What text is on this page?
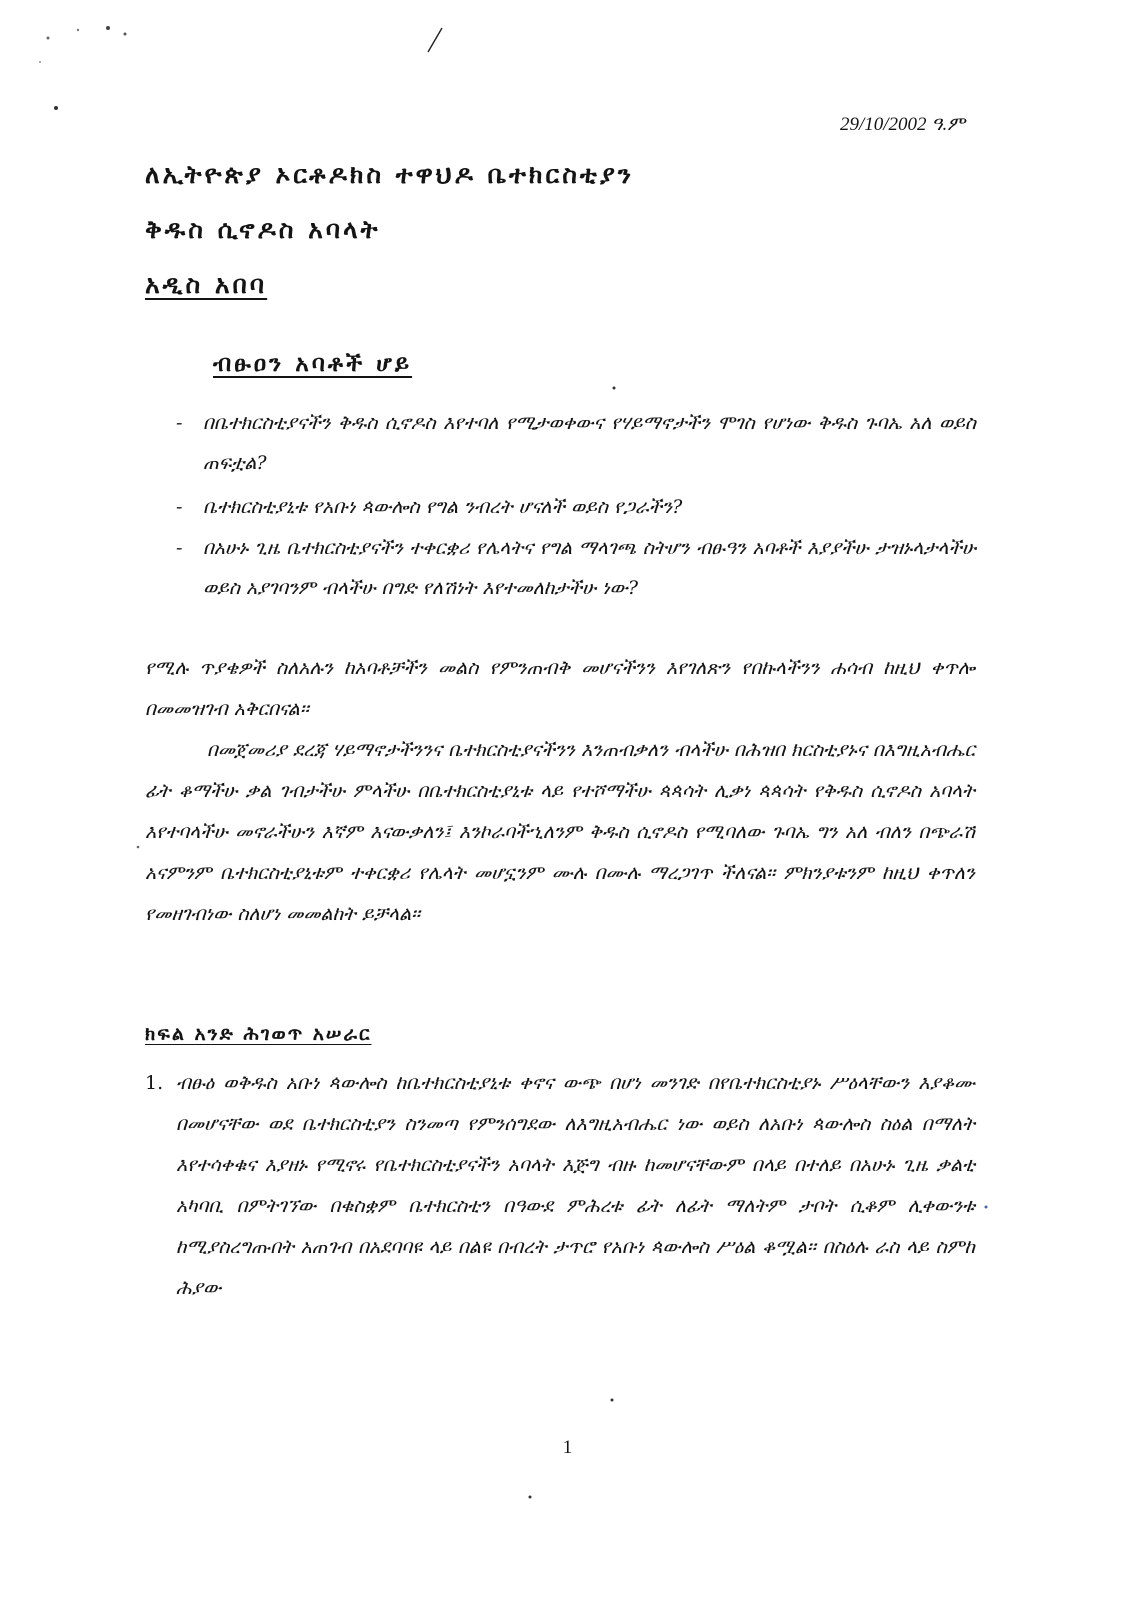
29/10/2002 ዓ.ም
ለኢትዮጵያ ኦርቶዶክስ ተዋህዶ ቤተክርስቲያን
ቅዱስ ሲኖዶስ አባላት
አዲስ አበባ
ብፁዐን አባቶች ሆይ
- በቤተክርስቲያናችን ቅዱስ ሲኖዶስ እየተባለ የሚታወቀውና የሃይማኖታችን ሞገስ የሆነው ቅዱስ ጉባኤ አለ ወይስ ጠፍቷል?
- ቤተክርስቲያኒቱ የአቡነ ጳውሎስ የግል ንብረት ሆናለች ወይስ የጋራችን?
- በአሁኑ ጊዜ ቤተክርስቲያናችን ተቀርቋሪ የሌላትና የግል ማላገጫ ስትሆን ብፁዓን አባቶች እያያችሁ ታዝኑላታላችሁ ወይስ አያገባንም ብላችሁ በግድ የለሽነት እየተመለከታችሁ ነው?
የሚሉ ጥያቄዎች ስለአሉን ከአባቶቻችን መልስ የምንጠብቅ መሆናችንን እየገለጽን የበኩላችንን ሐሳብ ከዚህ ቀጥሎ በመመዝገብ አቅርበናል፡፡
በመጀመሪያ ደረጃ ሃይማኖታችንንና ቤተክርስቲያናችንን እንጠብቃለን ብላችሁ በሕዝበ ክርስቲያኑና በእግዚአብሔር ፊት ቆማችሁ ቃል ገብታችሁ ምላችሁ በቤተክርስቲያኒቱ ላይ የተሾማችሁ ጳጳሳት ሊቃነ ጳጳሳት የቅዱስ ሲኖዶስ አባላት እየተባላችሁ መኖራችሁን እኛም እናውቃለን፤ እንኮራባችኂለንም ቅዱስ ሲኖዶስ የሚባለው ጉባኤ ግን አለ ብለን በጭራሽ አናምንም ቤተክርስቲያኒቱም ተቀርቋሪ የሌላት መሆኗንም ሙሉ በሙሉ ማረጋገጥ ችለናል፡፡ ምክንያቱንም ከዚህ ቀጥለን የመዘገብነው ስለሆነ መመልከት ይቻላል፡፡
ክፍል አንድ ሕገወጥ አሠራር
1. ብፁዕ ወቅዱስ አቡነ ጳውሎስ ከቤተክርስቲያኒቱ ቀኖና ውጭ በሆነ መንገድ በየቤተክርስቲያኑ ሥዕላቸውን እያቆሙ በመሆናቸው ወደ ቤተክርስቲያን ስንመጣ የምንሰግደው ለእግዚአብሔር ነው ወይስ ለአቡነ ጳውሎስ ስዕል በማለት እየተሳቀቁና እያዘኑ የሚኖሩ የቤተክርስቲያናችን አባላት እጅግ ብዙ ከመሆናቸውም በላይ በተለይ በአሁኑ ጊዜ ቃልቲ አካባቢ በምትገኘው በቁስቋም ቤተክርስቲን በዓውደ ምሕረቱ ፊት ለፊት ማለትም ታቦት ሲቆም ሊቀውንቱ ከሚያስረግጡበት አጠገብ በአደባባዩ ላይ በልዩ በብረት ታጥሮ የአቡነ ጳውሎስ ሥዕል ቆሟል፡፡ በስዕሉ ራስ ላይ ስምከ ሕያው
1
